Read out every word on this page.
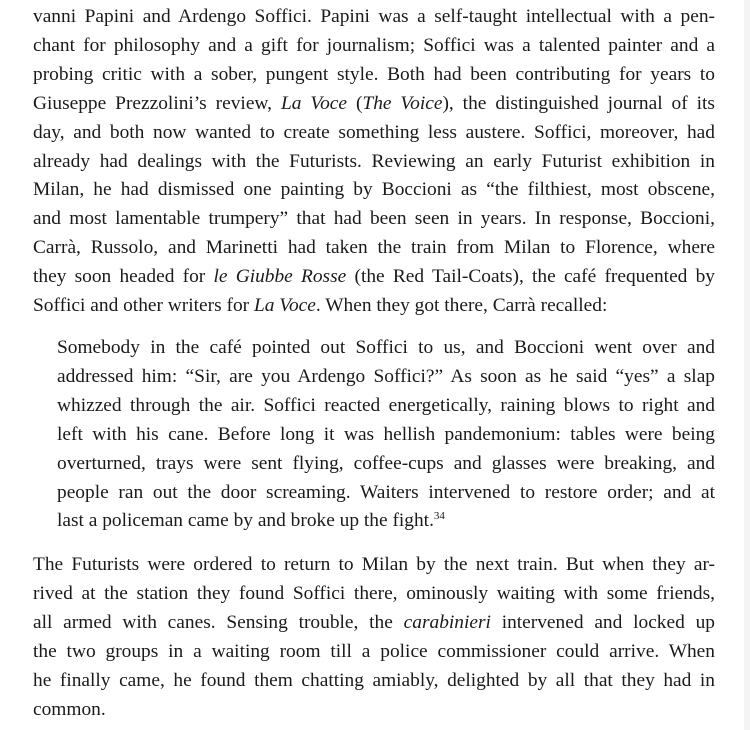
vanni Papini and Ardengo Soffici. Papini was a self-taught intellectual with a pen-
chant for philosophy and a gift for journalism; Soffici was a talented painter and a
probing critic with a sober, pungent style. Both had been contributing for years to
Giuseppe Prezzolini’s review, La Voce (The Voice), the distinguished journal of its
day, and both now wanted to create something less austere. Soffici, moreover, had
already had dealings with the Futurists. Reviewing an early Futurist exhibition in
Milan, he had dismissed one painting by Boccioni as “the filthiest, most obscene,
and most lamentable trumpery” that had been seen in years. In response, Boccioni,
Carrà, Russolo, and Marinetti had taken the train from Milan to Florence, where
they soon headed for le Giubbe Rosse (the Red Tail-Coats), the café frequented by
Soffici and other writers for La Voce. When they got there, Carrà recalled:

Somebody in the café pointed out Soffici to us, and Boccioni went over and
addressed him: “Sir, are you Ardengo Soffici?” As soon as he said “yes” a slap
whizzed through the air. Soffici reacted energetically, raining blows to right and
left with his cane. Before long it was hellish pandemonium: tables were being
overturned, trays were sent flying, coffee-cups and glasses were breaking, and
people ran out the door screaming. Waiters intervened to restore order; and at
last a policeman came by and broke up the fight.$^{34}$

The Futurists were ordered to return to Milan by the next train. But when they ar-
rived at the station they found Soffici there, ominously waiting with some friends,
all armed with canes. Sensing trouble, the carabinieri intervened and locked up
the two groups in a waiting room till a police commissioner could arrive. When
he finally came, he found them chatting amiably, delighted by all that they had in
common.
